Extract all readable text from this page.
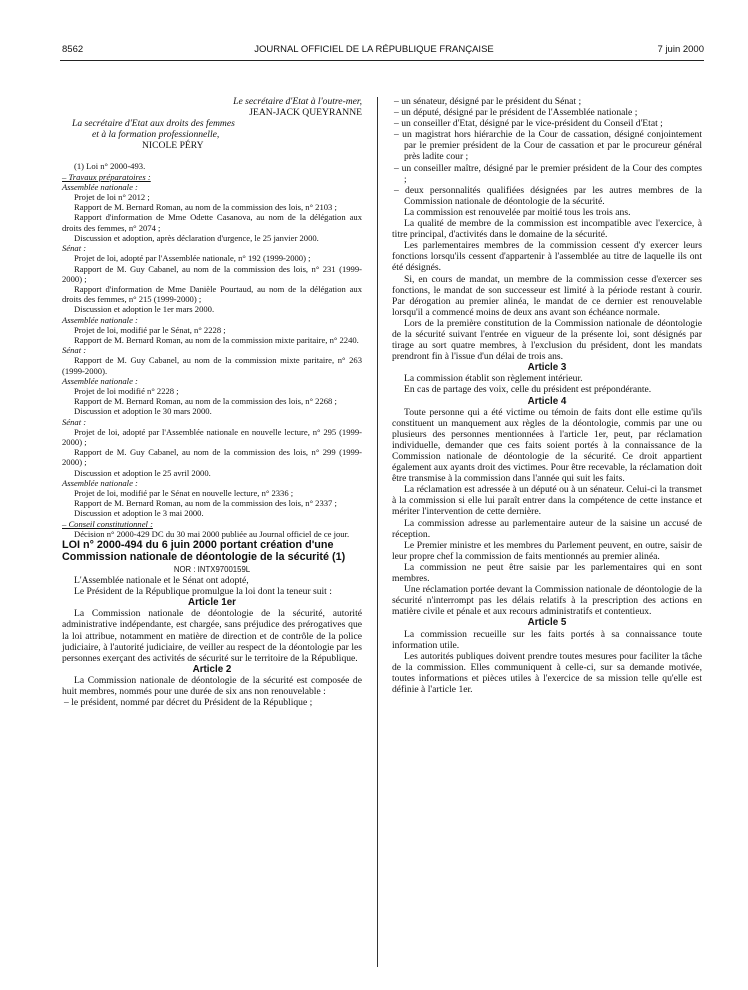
8562	JOURNAL OFFICIEL DE LA RÉPUBLIQUE FRANÇAISE	7 juin 2000

Le secrétaire d'Etat à l'outre-mer,

JEAN-JACK QUEYRANNE

La secrétaire d'Etat aux droits des femmes

et à la formation professionnelle,

NICOLE PÉRY

(1) Loi n° 2000-493.

– Travaux préparatoires :

Assemblée nationale :

Projet de loi n° 2012 ;

Rapport de M. Bernard Roman, au nom de la commission des lois, n° 2103 ;

Rapport d'information de Mme Odette Casanova, au nom de la délégation aux droits des femmes, n° 2074 ;

Discussion et adoption, après déclaration d'urgence, le 25 janvier 2000.

Sénat :

Projet de loi, adopté par l'Assemblée nationale, n° 192 (1999-2000) ;

Rapport de M. Guy Cabanel, au nom de la commission des lois, n° 231 (1999-2000) ;

Rapport d'information de Mme Danièle Pourtaud, au nom de la délégation aux droits des femmes, n° 215 (1999-2000) ;

Discussion et adoption le 1er mars 2000.

Assemblée nationale :

Projet de loi, modifié par le Sénat, n° 2228 ;

Rapport de M. Bernard Roman, au nom de la commission mixte paritaire, n° 2240.

Sénat :

Rapport de M. Guy Cabanel, au nom de la commission mixte paritaire, n° 263 (1999-2000).

Assemblée nationale :

Projet de loi modifié n° 2228 ;

Rapport de M. Bernard Roman, au nom de la commission des lois, n° 2268 ;

Discussion et adoption le 30 mars 2000.

Sénat :

Projet de loi, adopté par l'Assemblée nationale en nouvelle lecture, n° 295 (1999-2000) ;

Rapport de M. Guy Cabanel, au nom de la commission des lois, n° 299 (1999-2000) ;

Discussion et adoption le 25 avril 2000.

Assemblée nationale :

Projet de loi, modifié par le Sénat en nouvelle lecture, n° 2336 ;

Rapport de M. Bernard Roman, au nom de la commission des lois, n° 2337 ;

Discussion et adoption le 3 mai 2000.

– Conseil constitutionnel :

Décision n° 2000-429 DC du 30 mai 2000 publiée au Journal officiel de ce jour.

LOI n° 2000-494 du 6 juin 2000 portant création d'une Commission nationale de déontologie de la sécurité (1)

NOR : INTX9700159L

L'Assemblée nationale et le Sénat ont adopté,

Le Président de la République promulgue la loi dont la teneur suit :

Article 1er

La Commission nationale de déontologie de la sécurité, autorité administrative indépendante, est chargée, sans préjudice des prérogatives que la loi attribue, notamment en matière de direction et de contrôle de la police judiciaire, à l'autorité judiciaire, de veiller au respect de la déontologie par les personnes exerçant des activités de sécurité sur le territoire de la République.

Article 2

La Commission nationale de déontologie de la sécurité est composée de huit membres, nommés pour une durée de six ans non renouvelable :

– le président, nommé par décret du Président de la République ;

– un sénateur, désigné par le président du Sénat ;

– un député, désigné par le président de l'Assemblée nationale ;

– un conseiller d'Etat, désigné par le vice-président du Conseil d'Etat ;

– un magistrat hors hiérarchie de la Cour de cassation, désigné conjointement par le premier président de la Cour de cassation et par le procureur général près ladite cour ;

– un conseiller maître, désigné par le premier président de la Cour des comptes ;

– deux personnalités qualifiées désignées par les autres membres de la Commission nationale de déontologie de la sécurité.

La commission est renouvelée par moitié tous les trois ans.

La qualité de membre de la commission est incompatible avec l'exercice, à titre principal, d'activités dans le domaine de la sécurité.

Les parlementaires membres de la commission cessent d'y exercer leurs fonctions lorsqu'ils cessent d'appartenir à l'assemblée au titre de laquelle ils ont été désignés.

Si, en cours de mandat, un membre de la commission cesse d'exercer ses fonctions, le mandat de son successeur est limité à la période restant à courir. Par dérogation au premier alinéa, le mandat de ce dernier est renouvelable lorsqu'il a commencé moins de deux ans avant son échéance normale.

Lors de la première constitution de la Commission nationale de déontologie de la sécurité suivant l'entrée en vigueur de la présente loi, sont désignés par tirage au sort quatre membres, à l'exclusion du président, dont les mandats prendront fin à l'issue d'un délai de trois ans.

Article 3

La commission établit son règlement intérieur.

En cas de partage des voix, celle du président est prépondérante.

Article 4

Toute personne qui a été victime ou témoin de faits dont elle estime qu'ils constituent un manquement aux règles de la déontologie, commis par une ou plusieurs des personnes mentionnées à l'article 1er, peut, par réclamation individuelle, demander que ces faits soient portés à la connaissance de la Commission nationale de déontologie de la sécurité. Ce droit appartient également aux ayants droit des victimes. Pour être recevable, la réclamation doit être transmise à la commission dans l'année qui suit les faits.

La réclamation est adressée à un député ou à un sénateur. Celui-ci la transmet à la commission si elle lui paraît entrer dans la compétence de cette instance et mériter l'intervention de cette dernière.

La commission adresse au parlementaire auteur de la saisine un accusé de réception.

Le Premier ministre et les membres du Parlement peuvent, en outre, saisir de leur propre chef la commission de faits mentionnés au premier alinéa.

La commission ne peut être saisie par les parlementaires qui en sont membres.

Une réclamation portée devant la Commission nationale de déontologie de la sécurité n'interrompt pas les délais relatifs à la prescription des actions en matière civile et pénale et aux recours administratifs et contentieux.

Article 5

La commission recueille sur les faits portés à sa connaissance toute information utile.

Les autorités publiques doivent prendre toutes mesures pour faciliter la tâche de la commission. Elles communiquent à celle-ci, sur sa demande motivée, toutes informations et pièces utiles à l'exercice de sa mission telle qu'elle est définie à l'article 1er.
